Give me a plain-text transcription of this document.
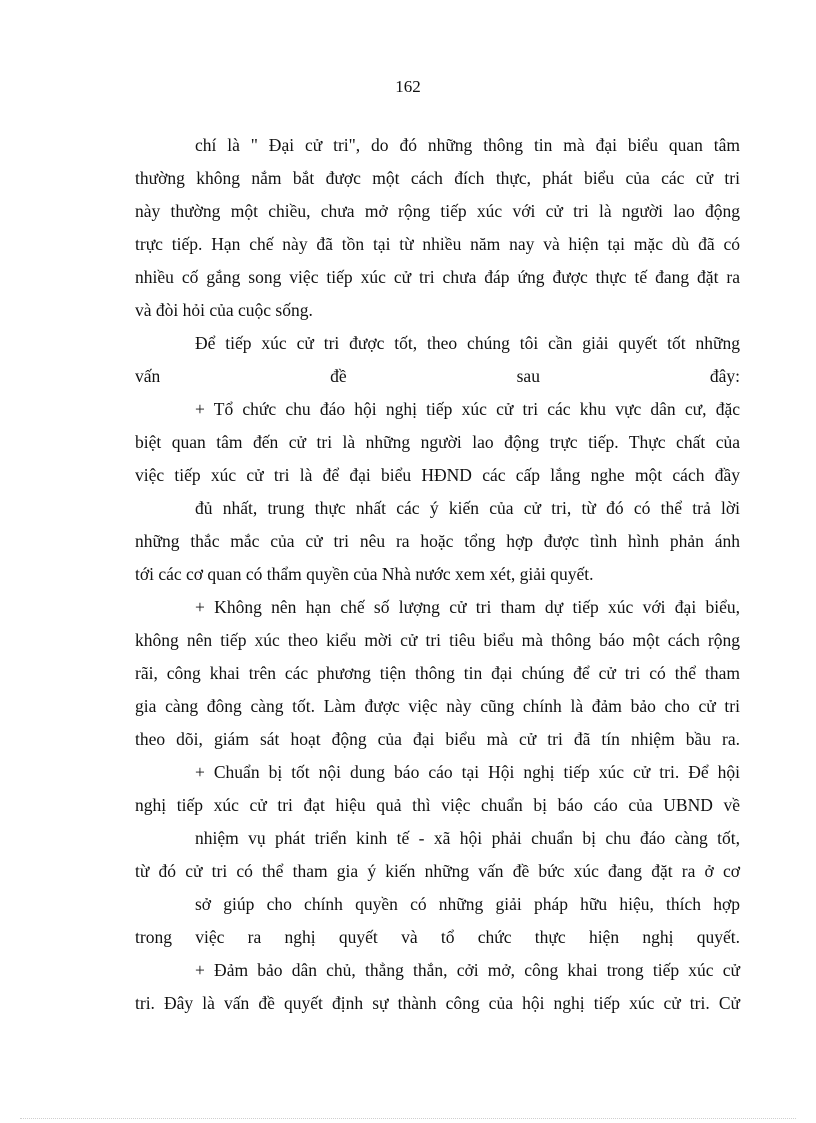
162
chí là " Đại cử tri", do đó những thông tin mà đại biểu quan tâm
thường không nắm bắt được một cách đích thực, phát biểu của các cử tri
này thường một chiều, chưa mở rộng tiếp xúc với cử tri là người lao động
trực tiếp. Hạn chế này đã tồn tại từ nhiều năm nay và hiện tại mặc dù đã có
nhiều cố gắng song việc tiếp xúc cử tri chưa đáp ứng được thực tế đang đặt ra
và đòi hỏi của cuộc sống.
Để tiếp xúc cử tri được tốt, theo chúng tôi cần giải quyết tốt những
vấn đề sau đây:
+ Tổ chức chu đáo hội nghị tiếp xúc cử tri các khu vực dân cư, đặc
biệt quan tâm đến cử tri là những người lao động trực tiếp. Thực chất của
việc tiếp xúc cử tri là để đại biểu HĐND các cấp lắng nghe một cách đầy
đủ nhất, trung thực nhất các ý kiến của cử tri, từ đó có thể trả lời
những thắc mắc của cử tri nêu ra hoặc tổng hợp được tình hình phản ánh
tới các cơ quan có thẩm quyền của Nhà nước xem xét, giải quyết.
+ Không nên hạn chế số lượng cử tri tham dự tiếp xúc với đại biểu,
không nên tiếp xúc theo kiểu mời cử tri tiêu biểu mà thông báo một cách rộng
rãi, công khai trên các phương tiện thông tin đại chúng để cử tri có thể tham
gia càng đông càng tốt. Làm được việc này cũng chính là đảm bảo cho cử tri
theo dõi, giám sát hoạt động của đại biểu mà cử tri đã tín nhiệm bầu ra.
+ Chuẩn bị tốt nội dung báo cáo tại Hội nghị tiếp xúc cử tri. Để hội
nghị tiếp xúc cử tri đạt hiệu quả thì việc chuẩn bị báo cáo của UBND về
nhiệm vụ phát triển kinh tế - xã hội phải chuẩn bị chu đáo càng tốt,
từ đó cử tri có thể tham gia ý kiến những vấn đề bức xúc đang đặt ra ở cơ
sở giúp cho chính quyền có những giải pháp hữu hiệu, thích hợp
trong việc ra nghị quyết và tổ chức thực hiện nghị quyết.
+ Đảm bảo dân chủ, thẳng thắn, cởi mở, công khai trong tiếp xúc cử
tri. Đây là vấn đề quyết định sự thành công của hội nghị tiếp xúc cử tri. Cử
